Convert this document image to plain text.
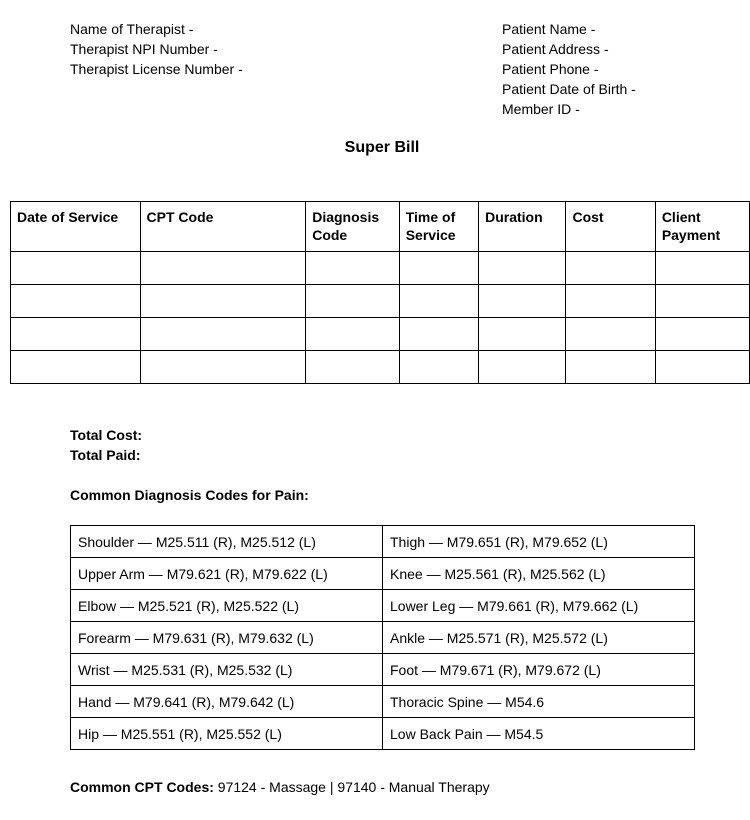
Name of Therapist -
Therapist NPI Number -
Therapist License Number -
Patient Name -
Patient Address -
Patient Phone -
Patient Date of Birth -
Member ID -
Super Bill
Date of Service	CPT Code	Diagnosis Code	Time of Service	Duration	Cost	Client Payment

Total Cost:
Total Paid:
Common Diagnosis Codes for Pain:
Shoulder — M25.511 (R), M25.512 (L)	Thigh — M79.651 (R), M79.652 (L)
Upper Arm — M79.621 (R), M79.622 (L)	Knee — M25.561 (R), M25.562 (L)
Elbow — M25.521 (R), M25.522 (L)	Lower Leg — M79.661 (R), M79.662 (L)
Forearm — M79.631 (R), M79.632 (L)	Ankle — M25.571 (R), M25.572 (L)
Wrist — M25.531 (R), M25.532 (L)	Foot — M79.671 (R), M79.672 (L)
Hand — M79.641 (R), M79.642 (L)	Thoracic Spine — M54.6
Hip — M25.551 (R), M25.552 (L)	Low Back Pain — M54.5
Common CPT Codes: 97124 - Massage | 97140 - Manual Therapy
